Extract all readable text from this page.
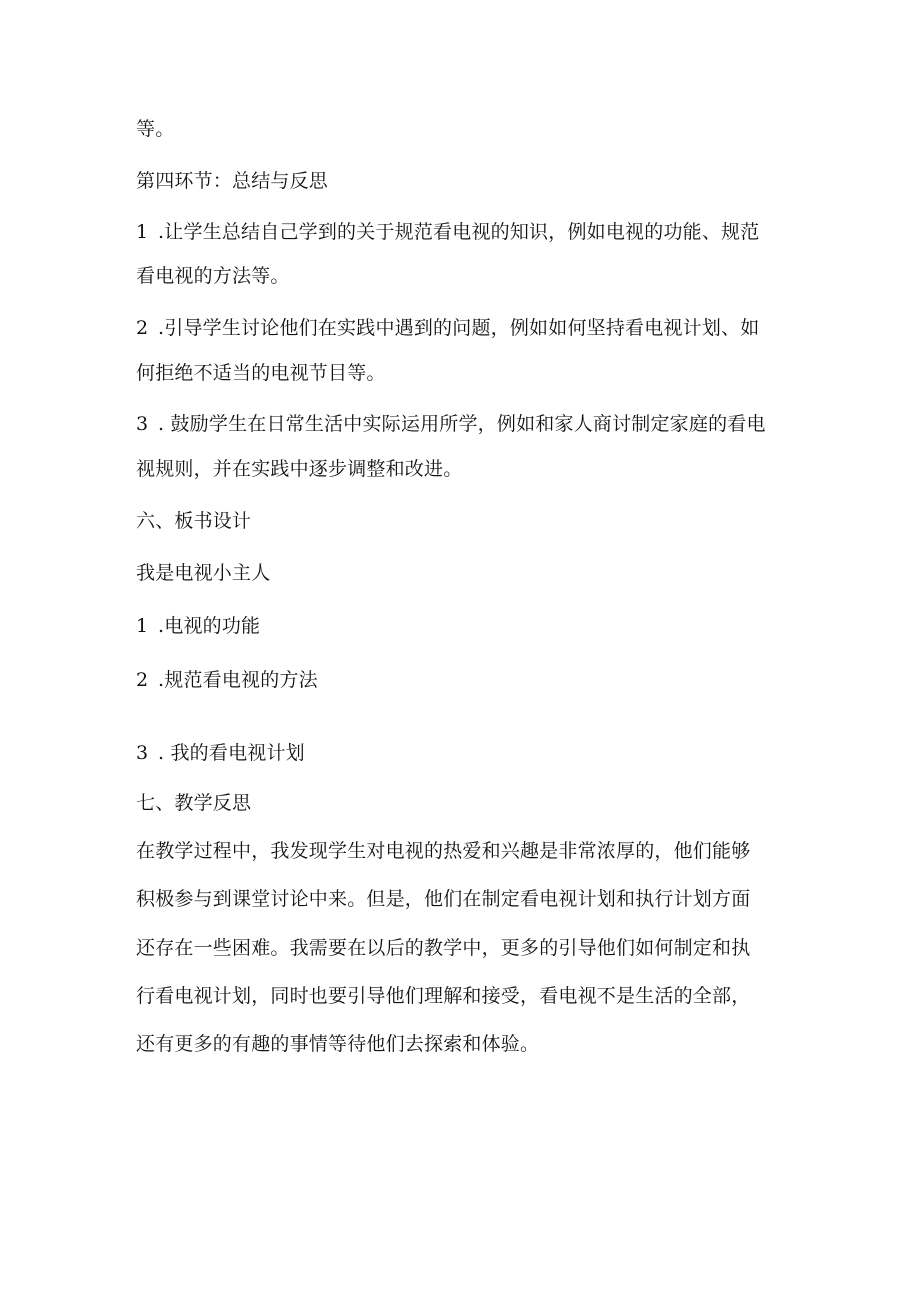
等。

第四环节：总结与反思

1 .让学生总结自己学到的关于规范看电视的知识，例如电视的功能、规范

看电视的方法等。

2 .引导学生讨论他们在实践中遇到的问题，例如如何坚持看电视计划、如

何拒绝不适当的电视节目等。

3 . 鼓励学生在日常生活中实际运用所学，例如和家人商讨制定家庭的看电

视规则，并在实践中逐步调整和改进。

六、板书设计

我是电视小主人

1 .电视的功能

2 .规范看电视的方法

3 . 我的看电视计划

七、教学反思

在教学过程中，我发现学生对电视的热爱和兴趣是非常浓厚的，他们能够

积极参与到课堂讨论中来。但是，他们在制定看电视计划和执行计划方面

还存在一些困难。我需要在以后的教学中，更多的引导他们如何制定和执

行看电视计划，同时也要引导他们理解和接受，看电视不是生活的全部，

还有更多的有趣的事情等待他们去探索和体验。
